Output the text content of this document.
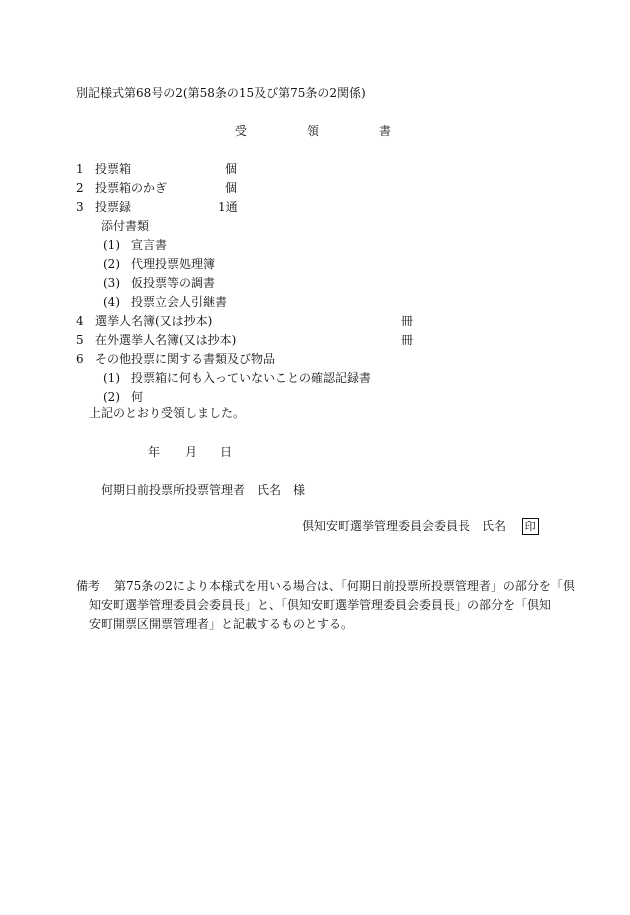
別記様式第68号の2(第58条の15及び第75条の2関係)
受	領	書
1 投票箱	個
2 投票箱のかぎ	個
3 投票録	1通
添付書類
(1) 宣言書
(2) 代理投票処理簿
(3) 仮投票等の調書
(4) 投票立会人引継書
4 選挙人名簿(又は抄本)	冊
5 在外選挙人名簿(又は抄本)	冊
6 その他投票に関する書類及び物品
(1) 投票箱に何も入っていないことの確認記録書
(2) 何
上記のとおり受領しました。
年 月 日
何期日前投票所投票管理者　氏名　様
倶知安町選挙管理委員会委員長　氏名 印
備考 第75条の2により本様式を用いる場合は、「何期日前投票所投票管理者」の部分を「倶
知安町選挙管理委員会委員長」と、「倶知安町選挙管理委員会委員長」の部分を「倶知
安町開票区開票管理者」と記載するものとする。
